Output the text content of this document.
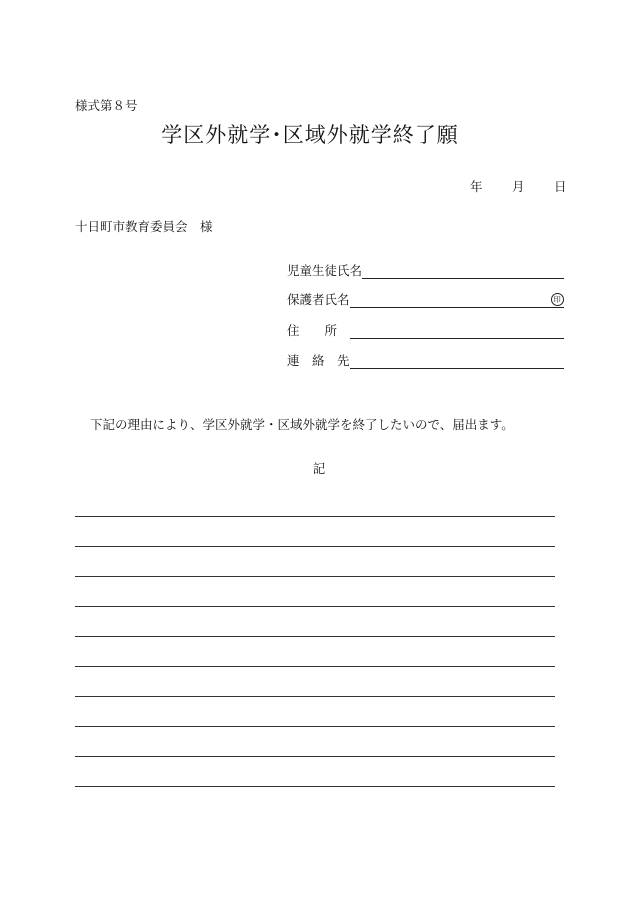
様式第８号
学区外就学･区域外就学終了願
年	月	日
十日町市教育委員会　様
児童生徒氏名
保護者氏名	印
住　　所
連　絡　先
下記の理由により、学区外就学・区域外就学を終了したいので、届出ます。
記
